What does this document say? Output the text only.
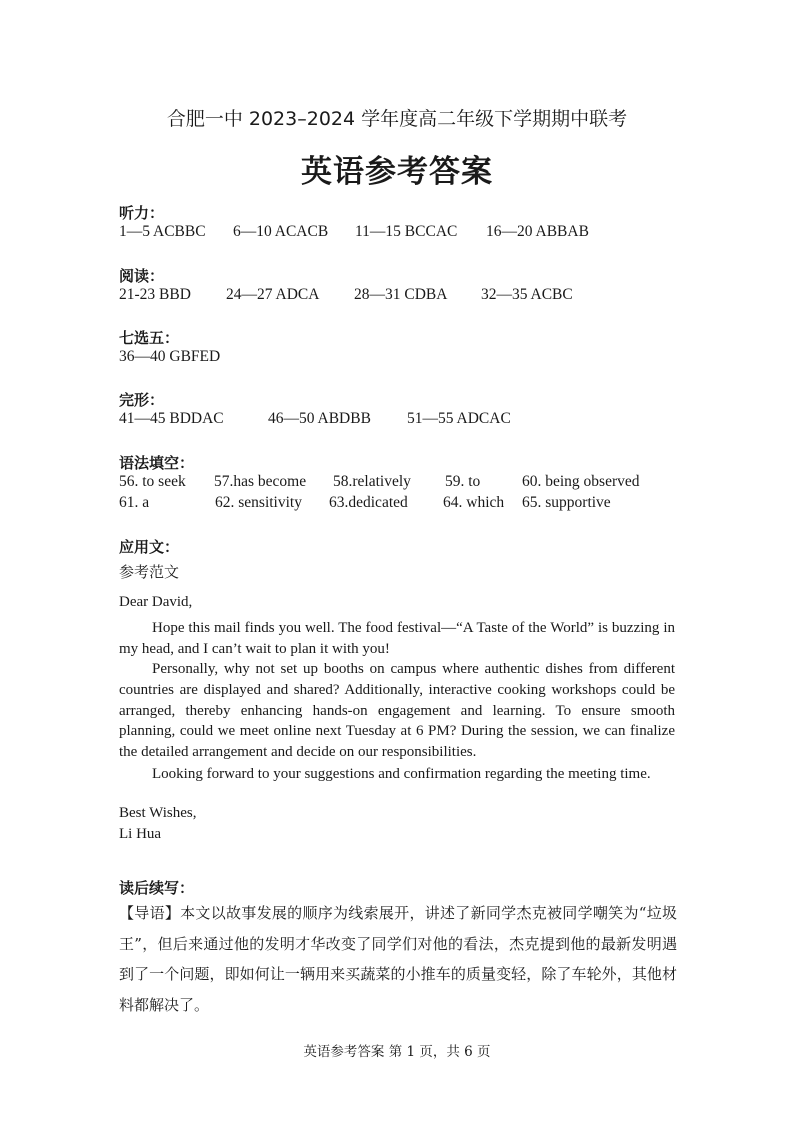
合肥一中 2023–2024 学年度高二年级下学期期中联考
英语参考答案
听力：
1—5 ACBBC 6—10 ACACB 11—15 BCCAC 16—20 ABBAB
阅读：
21-23 BBD 24—27 ADCA 28—31 CDBA 32—35 ACBC
七选五：
36—40 GBFED
完形：
41—45 BDDAC	46—50 ABDBB 51—55 ADCAC
语法填空：
56. to seek 57.has become 58.relatively 59. to	60. being observed
61. a	62. sensitivity 63.dedicated 64. which 65. supportive
应用文：
参考范文
Dear David,
Hope this mail finds you well. The food festival—“A Taste of the World” is buzzing in my head, and I can’t wait to plan it with you!
Personally, why not set up booths on campus where authentic dishes from different countries are displayed and shared? Additionally, interactive cooking workshops could be arranged, thereby enhancing hands-on engagement and learning. To ensure smooth planning, could we meet online next Tuesday at 6 PM? During the session, we can finalize the detailed arrangement and decide on our responsibilities.
Looking forward to your suggestions and confirmation regarding the meeting time.
Best Wishes,
Li Hua
读后续写：
【导语】本文以故事发展的顺序为线索展开，讲述了新同学杰克被同学嘲笑为“垃圾王”，但后来通过他的发明才华改变了同学们对他的看法，杰克提到他的最新发明遇到了一个问题，即如何让一辆用来买蔬菜的小推车的质量变轻，除了车轮外，其他材料都解决了。
英语参考答案 第 1 页，共 6 页
